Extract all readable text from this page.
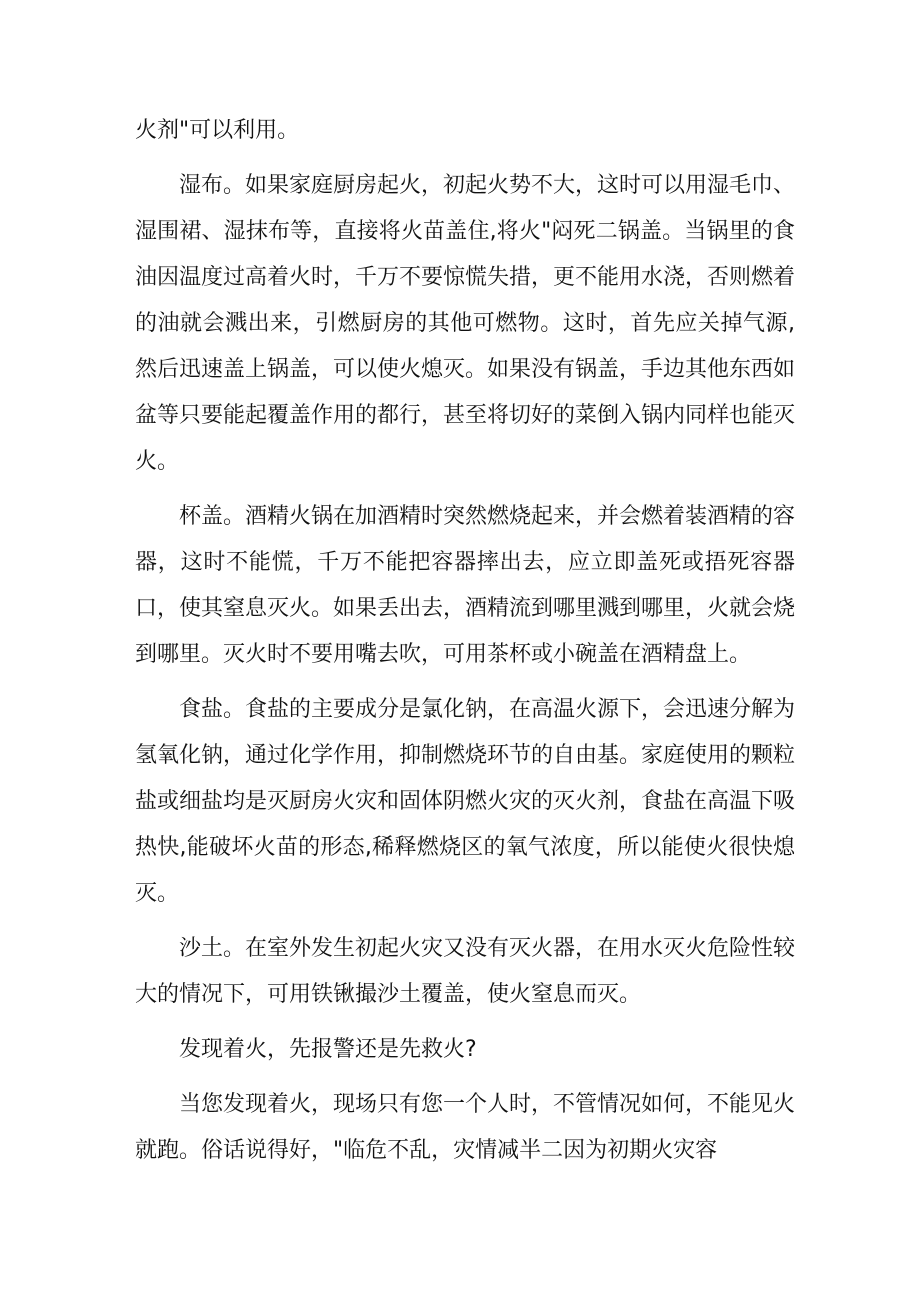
火剂"可以利用。

湿布。如果家庭厨房起火，初起火势不大，这时可以用湿毛巾、湿围裙、湿抹布等，直接将火苗盖住,将火"闷死二锅盖。当锅里的食油因温度过高着火时，千万不要惊慌失措，更不能用水浇，否则燃着的油就会溅出来，引燃厨房的其他可燃物。这时，首先应关掉气源,然后迅速盖上锅盖，可以使火熄灭。如果没有锅盖，手边其他东西如盆等只要能起覆盖作用的都行，甚至将切好的菜倒入锅内同样也能灭火。

杯盖。酒精火锅在加酒精时突然燃烧起来，并会燃着装酒精的容器，这时不能慌，千万不能把容器摔出去，应立即盖死或捂死容器口，使其窒息灭火。如果丢出去，酒精流到哪里溅到哪里，火就会烧到哪里。灭火时不要用嘴去吹，可用茶杯或小碗盖在酒精盘上。

食盐。食盐的主要成分是氯化钠，在高温火源下，会迅速分解为氢氧化钠，通过化学作用，抑制燃烧环节的自由基。家庭使用的颗粒盐或细盐均是灭厨房火灾和固体阴燃火灾的灭火剂，食盐在高温下吸热快,能破坏火苗的形态,稀释燃烧区的氧气浓度，所以能使火很快熄灭。

沙土。在室外发生初起火灾又没有灭火器，在用水灭火危险性较大的情况下，可用铁锹撮沙土覆盖，使火窒息而灭。

发现着火，先报警还是先救火?

当您发现着火，现场只有您一个人时，不管情况如何，不能见火就跑。俗话说得好，"临危不乱，灾情减半二因为初期火灾容
